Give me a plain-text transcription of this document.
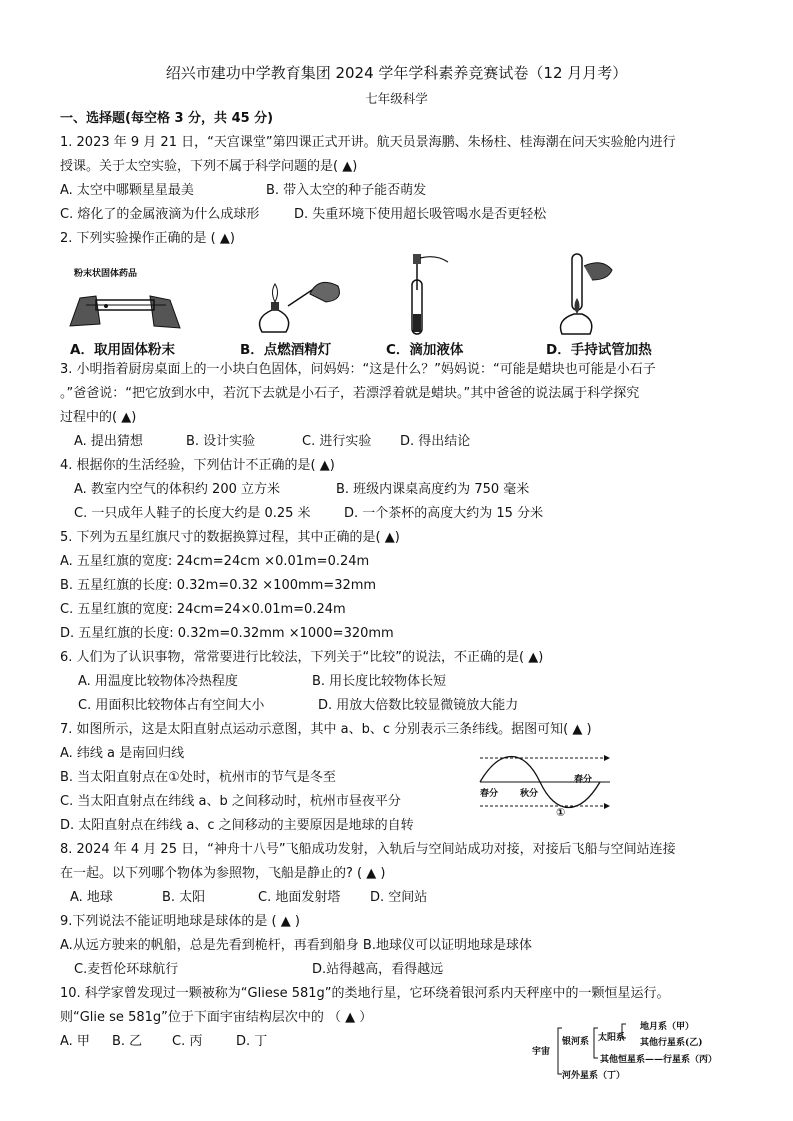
绍兴市建功中学教育集团 2024 学年学科素养竞赛试卷（12 月月考）
七年级科学
一、选择题(每空格 3 分，共 45 分)
1. 2023 年 9 月 21 日，“天宫课堂”第四课正式开讲。航天员景海鹏、朱杨柱、桂海潮在问天实验舱内进行
授课。关于太空实验，下列不属于科学问题的是( ▲)
A. 太空中哪颗星星最美	B. 带入太空的种子能否萌发
C. 熔化了的金属液滴为什么成球形	D. 失重环境下使用超长吸管喝水是否更轻松
2. 下列实验操作正确的是 ( ▲)
粉末状固体药品
A．取用固体粉末	B．点燃酒精灯	C．滴加液体	D．手持试管加热
3. 小明指着厨房桌面上的一小块白色固体，问妈妈：“这是什么？”妈妈说：“可能是蜡块也可能是小石子
。”爸爸说：“把它放到水中，若沉下去就是小石子，若漂浮着就是蜡块。”其中爸爸的说法属于科学探究
过程中的( ▲)
A. 提出猜想	B. 设计实验	C. 进行实验 D. 得出结论
4. 根据你的生活经验，下列估计不正确的是( ▲)
A. 教室内空气的体积约 200 立方米	B. 班级内课桌高度约为 750 毫米
C. 一只成年人鞋子的长度大约是 0.25 米	D. 一个茶杯的高度大约为 15 分米
5. 下列为五星红旗尺寸的数据换算过程，其中正确的是( ▲)
A. 五星红旗的宽度: 24cm=24cm ×0.01m=0.24m
B. 五星红旗的长度: 0.32m=0.32 ×100mm=32mm
C. 五星红旗的宽度: 24cm=24×0.01m=0.24m
D. 五星红旗的长度: 0.32m=0.32mm ×1000=320mm
6. 人们为了认识事物，常常要进行比较法，下列关于“比较”的说法，不正确的是( ▲)
A. 用温度比较物体冷热程度	B. 用长度比较物体长短
C. 用面积比较物体占有空间大小	D. 用放大倍数比较显微镜放大能力
7. 如图所示，这是太阳直射点运动示意图，其中 a、b、c 分别表示三条纬线。据图可知( ▲ )
A. 纬线 a 是南回归线
B. 当太阳直射点在①处时，杭州市的节气是冬至
C. 当太阳直射点在纬线 a、b 之间移动时，杭州市昼夜平分
D. 太阳直射点在纬线 a、c 之间移动的主要原因是地球的自转
春分 秋分
春分
①
8. 2024 年 4 月 25 日，“神舟十八号”飞船成功发射，入轨后与空间站成功对接，对接后飞船与空间站连接
在一起。以下列哪个物体为参照物，飞船是静止的? ( ▲ )
A. 地球	B. 太阳	C. 地面发射塔 D. 空间站
9.下列说法不能证明地球是球体的是 ( ▲ )
A.从远方驶来的帆船，总是先看到桅杆，再看到船身 B.地球仪可以证明地球是球体
C.麦哲伦环球航行	D.站得越高，看得越远
10. 科学家曾发现过一颗被称为“Gliese 581g”的类地行星，它环绕着银河系内天秤座中的一颗恒星运行。
则“Glie se 581g”位于下面宇宙结构层次中的 （ ▲ ）
A. 甲 B. 乙 C. 丙	D. 丁
宇宙
银河系 太阳系
地月系（甲）
其他行星系(乙)
其他恒星系——行星系（丙）
河外星系（丁）
